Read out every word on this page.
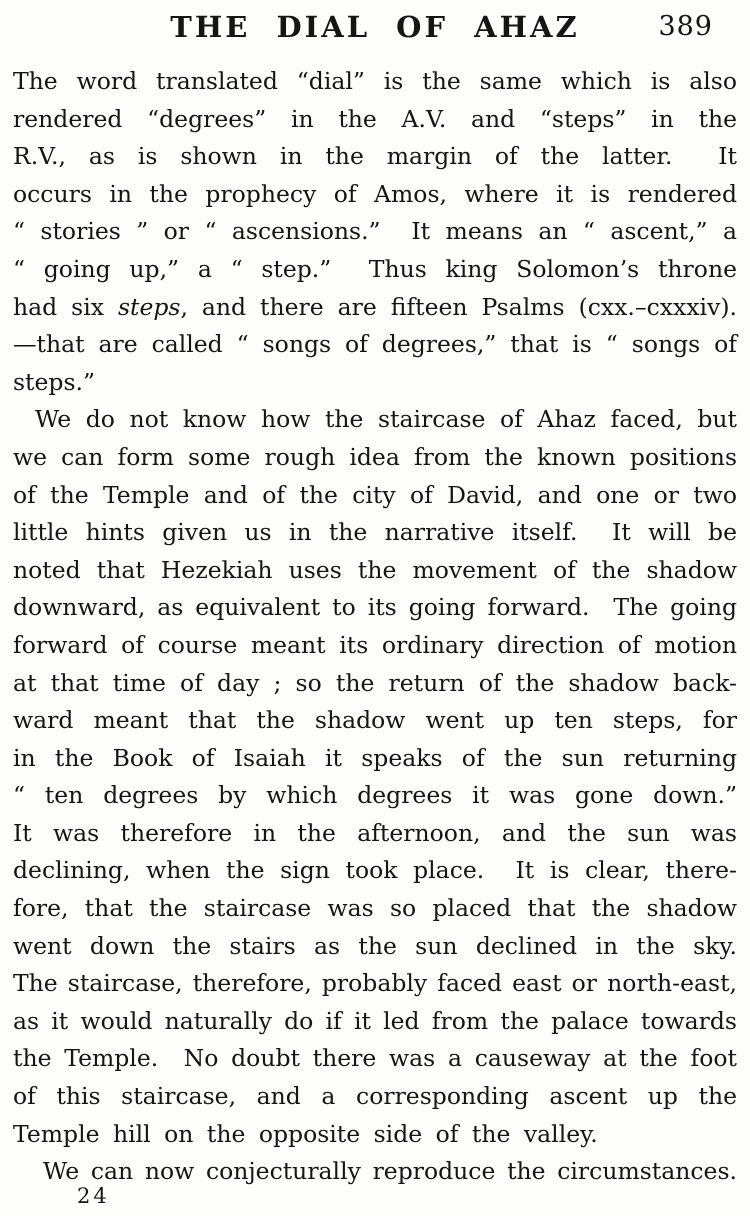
THE DIAL OF AHAZ	389
The word translated “dial” is the same which is also
rendered “degrees” in the A.V. and “steps” in the
R.V., as is shown in the margin of the latter.  It
occurs in the prophecy of Amos, where it is rendered
“ stories ” or “ ascensions.”  It means an “ ascent,” a
“ going up,” a “ step.”  Thus king Solomon’s throne
had six steps, and there are fifteen Psalms (cxx.–cxxxiv).
—that are called “ songs of degrees,” that is “ songs of
steps.”
We do not know how the staircase of Ahaz faced, but
we can form some rough idea from the known positions
of the Temple and of the city of David, and one or two
little hints given us in the narrative itself.  It will be
noted that Hezekiah uses the movement of the shadow
downward, as equivalent to its going forward.  The going
forward of course meant its ordinary direction of motion
at that time of day ; so the return of the shadow back-
ward meant that the shadow went up ten steps, for
in the Book of Isaiah it speaks of the sun returning
“ ten degrees by which degrees it was gone down.”
It was therefore in the afternoon, and the sun was
declining, when the sign took place.  It is clear, there-
fore, that the staircase was so placed that the shadow
went down the stairs as the sun declined in the sky.
The staircase, therefore, probably faced east or north-east,
as it would naturally do if it led from the palace towards
the Temple.  No doubt there was a causeway at the foot
of this staircase, and a corresponding ascent up the
Temple hill on the opposite side of the valley.
We can now conjecturally reproduce the circumstances.
24
